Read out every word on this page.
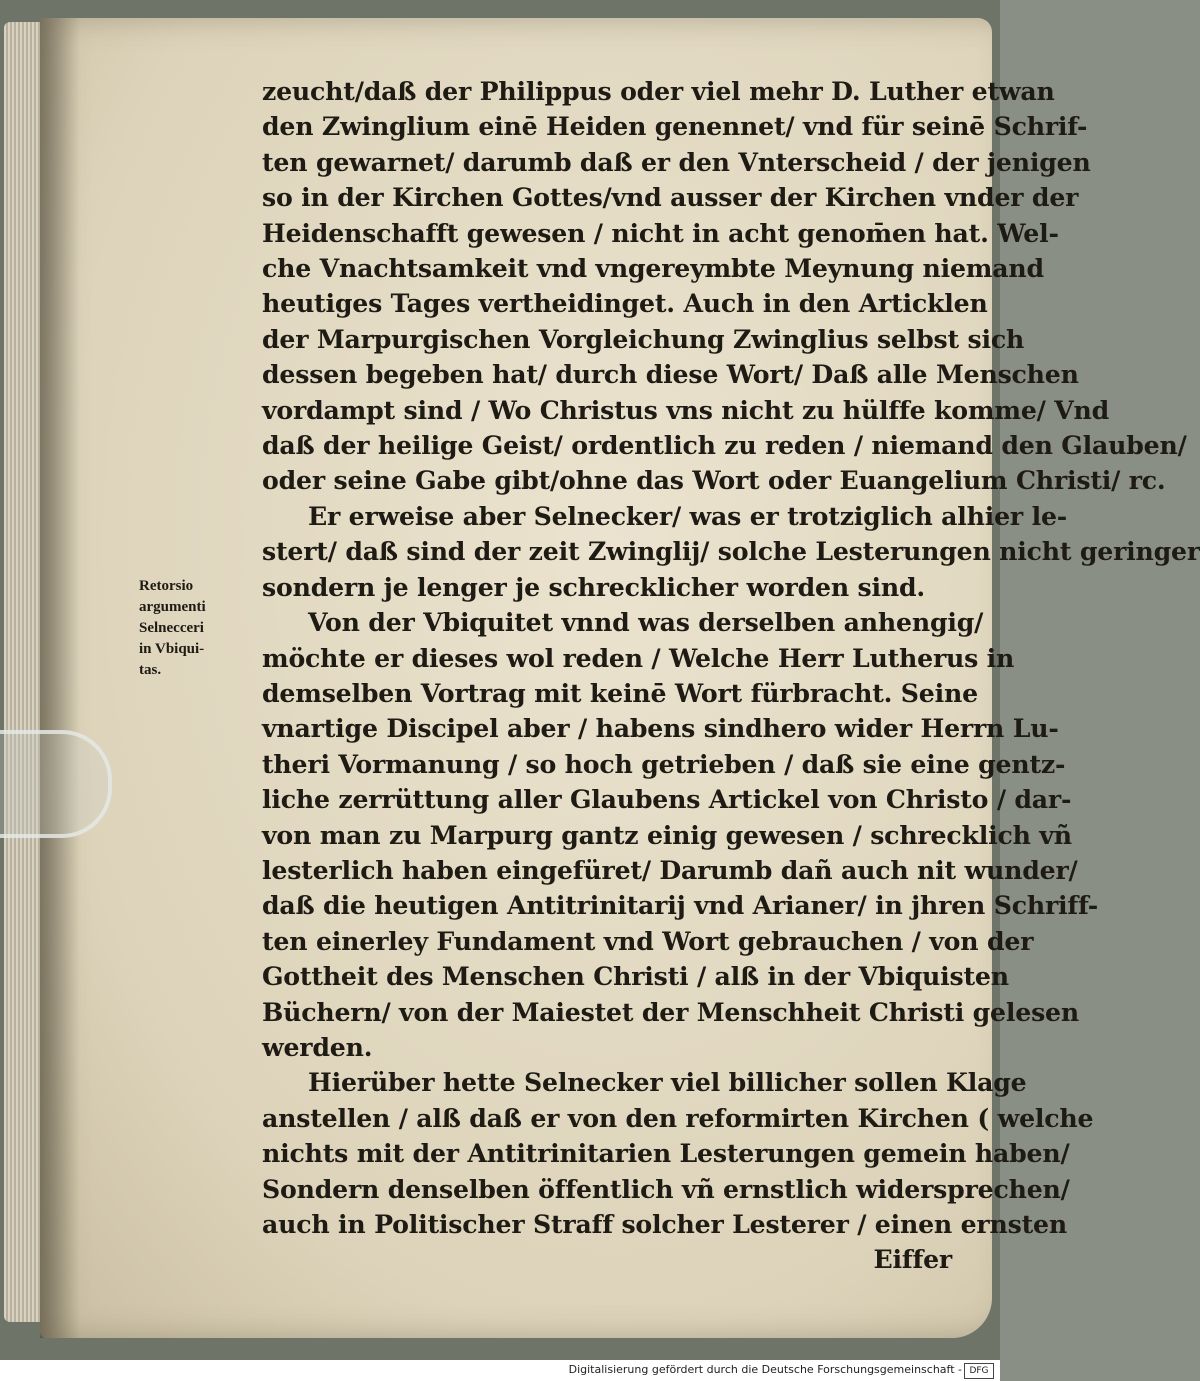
Retorsio
argumenti
Selnecceri
in Vbiqui-
tas.
zeucht/daß der Philippus oder viel mehr D. Luther etwan
den Zwinglium einē Heiden genennet/ vnd für seinē Schrif-
ten gewarnet/ darumb daß er den Vnterscheid / der jenigen
so in der Kirchen Gottes/vnd ausser der Kirchen vnder der
Heidenschafft gewesen / nicht in acht genom̄en hat. Wel-
che Vnachtsamkeit vnd vngereymbte Meynung niemand
heutiges Tages vertheidinget. Auch in den Articklen
der Marpurgischen Vorgleichung Zwinglius selbst sich
dessen begeben hat/ durch diese Wort/ Daß alle Menschen
vordampt sind / Wo Christus vns nicht zu hülffe komme/ Vnd
daß der heilige Geist/ ordentlich zu reden / niemand den Glauben/
oder seine Gabe gibt/ohne das Wort oder Euangelium Christi/ rc.
Er erweise aber Selnecker/ was er trotziglich alhier le-
stert/ daß sind der zeit Zwinglij/ solche Lesterungen nicht geringer
sondern je lenger je schrecklicher worden sind.
Von der Vbiquitet vnnd was derselben anhengig/
möchte er dieses wol reden / Welche Herr Lutherus in
demselben Vortrag mit keinē Wort fürbracht. Seine
vnartige Discipel aber / habens sindhero wider Herrn Lu-
theri Vormanung / so hoch getrieben / daß sie eine gentz-
liche zerrüttung aller Glaubens Artickel von Christo / dar-
von man zu Marpurg gantz einig gewesen / schrecklich vñ
lesterlich haben eingefüret/ Darumb dañ auch nit wunder/
daß die heutigen Antitrinitarij vnd Arianer/ in jhren Schriff-
ten einerley Fundament vnd Wort gebrauchen / von der
Gottheit des Menschen Christi / alß in der Vbiquisten
Büchern/ von der Maiestet der Menschheit Christi gelesen
werden.
Hierüber hette Selnecker viel billicher sollen Klage
anstellen / alß daß er von den reformirten Kirchen ( welche
nichts mit der Antitrinitarien Lesterungen gemein haben/
Sondern denselben öffentlich vñ ernstlich widersprechen/
auch in Politischer Straff solcher Lesterer / einen ernsten
Eiffer
Digitalisierung gefördert durch die Deutsche Forschungsgemeinschaft - DFG
